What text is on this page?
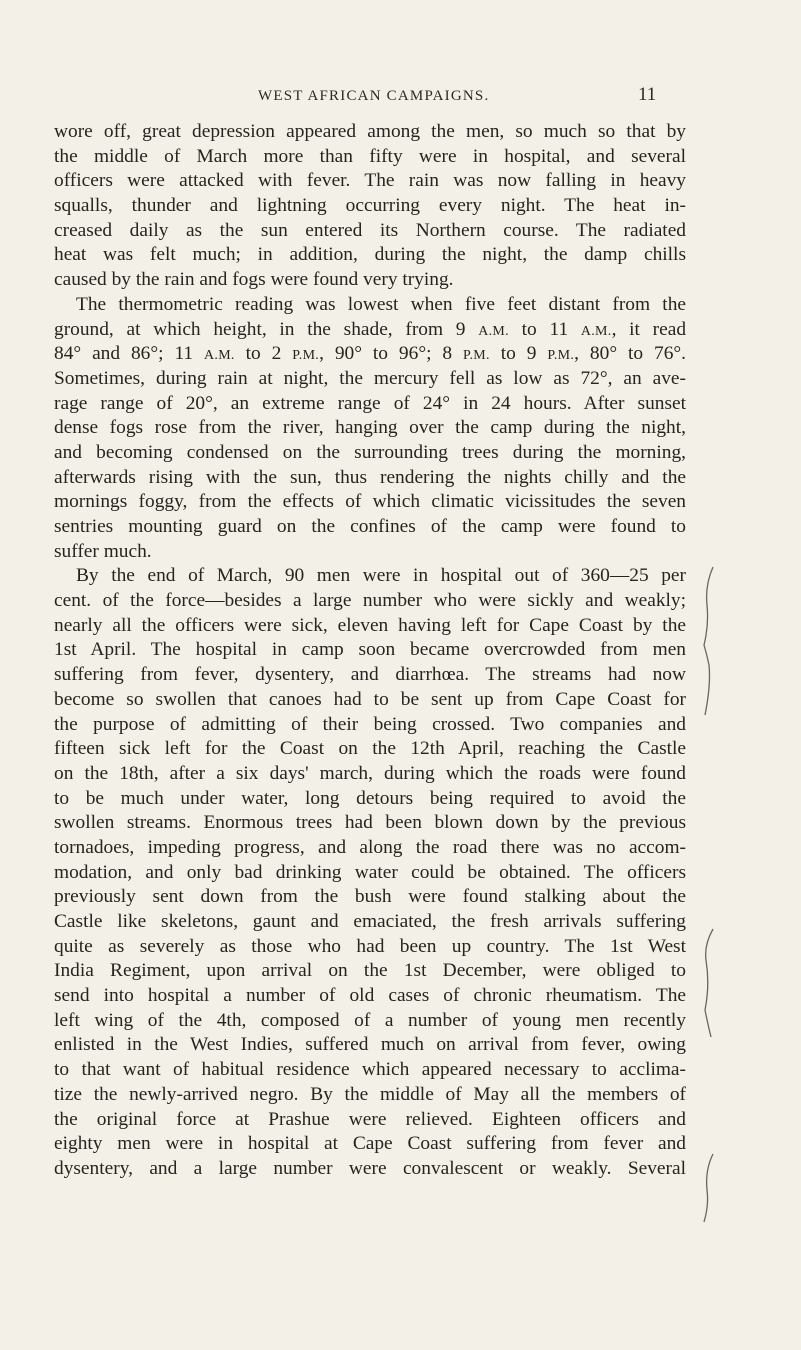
WEST AFRICAN CAMPAIGNS.	11
wore off, great depression appeared among the men, so much so that by
the middle of March more than fifty were in hospital, and several
officers were attacked with fever. The rain was now falling in heavy
squalls, thunder and lightning occurring every night. The heat in-
creased daily as the sun entered its Northern course. The radiated
heat was felt much; in addition, during the night, the damp chills
caused by the rain and fogs were found very trying.
The thermometric reading was lowest when five feet distant from the
ground, at which height, in the shade, from 9 A.M. to 11 A.M., it read
84° and 86°; 11 A.M. to 2 P.M., 90° to 96°; 8 P.M. to 9 P.M., 80° to 76°.
Sometimes, during rain at night, the mercury fell as low as 72°, an ave-
rage range of 20°, an extreme range of 24° in 24 hours. After sunset
dense fogs rose from the river, hanging over the camp during the night,
and becoming condensed on the surrounding trees during the morning,
afterwards rising with the sun, thus rendering the nights chilly and the
mornings foggy, from the effects of which climatic vicissitudes the seven
sentries mounting guard on the confines of the camp were found to
suffer much.
By the end of March, 90 men were in hospital out of 360—25 per
cent. of the force—besides a large number who were sickly and weakly;
nearly all the officers were sick, eleven having left for Cape Coast by the
1st April. The hospital in camp soon became overcrowded from men
suffering from fever, dysentery, and diarrhœa. The streams had now
become so swollen that canoes had to be sent up from Cape Coast for
the purpose of admitting of their being crossed. Two companies and
fifteen sick left for the Coast on the 12th April, reaching the Castle
on the 18th, after a six days' march, during which the roads were found
to be much under water, long detours being required to avoid the
swollen streams. Enormous trees had been blown down by the previous
tornadoes, impeding progress, and along the road there was no accom-
modation, and only bad drinking water could be obtained. The officers
previously sent down from the bush were found stalking about the
Castle like skeletons, gaunt and emaciated, the fresh arrivals suffering
quite as severely as those who had been up country. The 1st West
India Regiment, upon arrival on the 1st December, were obliged to
send into hospital a number of old cases of chronic rheumatism. The
left wing of the 4th, composed of a number of young men recently
enlisted in the West Indies, suffered much on arrival from fever, owing
to that want of habitual residence which appeared necessary to acclima-
tize the newly-arrived negro. By the middle of May all the members of
the original force at Prashue were relieved. Eighteen officers and
eighty men were in hospital at Cape Coast suffering from fever and
dysentery, and a large number were convalescent or weakly. Several
